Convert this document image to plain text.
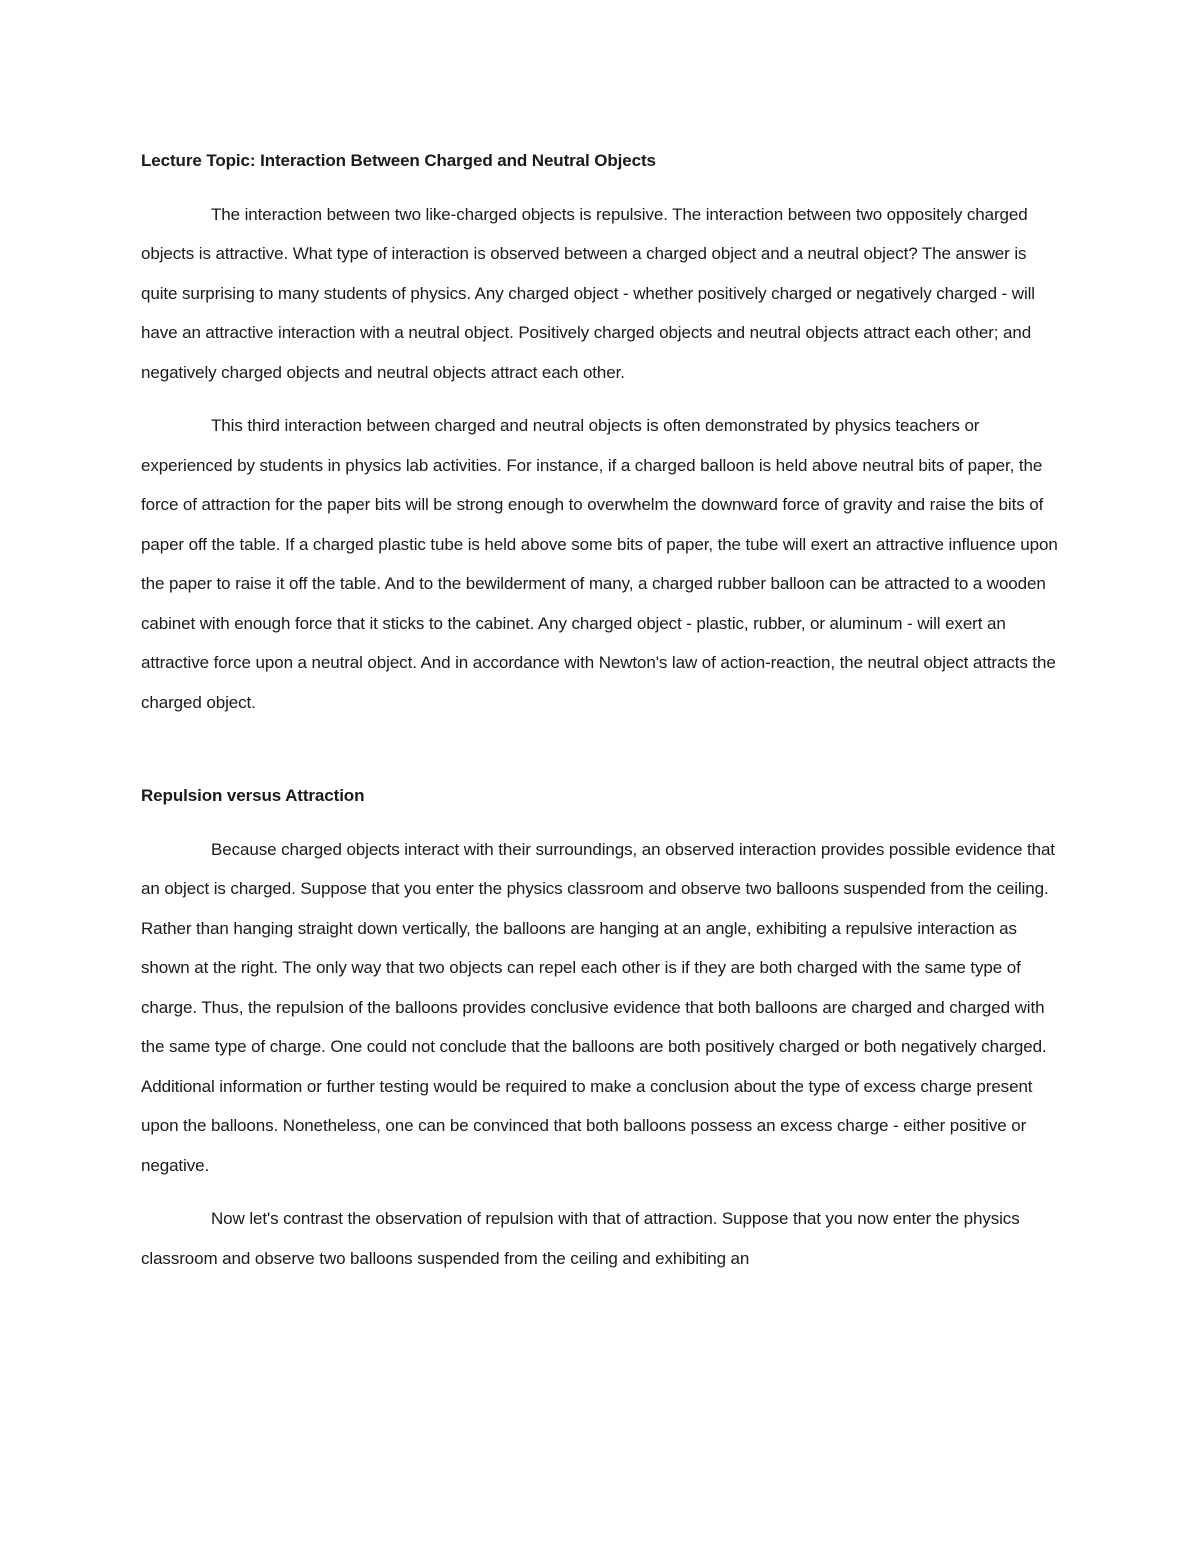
Lecture Topic: Interaction Between Charged and Neutral Objects

The interaction between two like-charged objects is repulsive. The interaction between two oppositely charged objects is attractive. What type of interaction is observed between a charged object and a neutral object? The answer is quite surprising to many students of physics. Any charged object - whether positively charged or negatively charged - will have an attractive interaction with a neutral object. Positively charged objects and neutral objects attract each other; and negatively charged objects and neutral objects attract each other.

This third interaction between charged and neutral objects is often demonstrated by physics teachers or experienced by students in physics lab activities. For instance, if a charged balloon is held above neutral bits of paper, the force of attraction for the paper bits will be strong enough to overwhelm the downward force of gravity and raise the bits of paper off the table. If a charged plastic tube is held above some bits of paper, the tube will exert an attractive influence upon the paper to raise it off the table. And to the bewilderment of many, a charged rubber balloon can be attracted to a wooden cabinet with enough force that it sticks to the cabinet. Any charged object - plastic, rubber, or aluminum - will exert an attractive force upon a neutral object. And in accordance with Newton's law of action-reaction, the neutral object attracts the charged object.

Repulsion versus Attraction

Because charged objects interact with their surroundings, an observed interaction provides possible evidence that an object is charged. Suppose that you enter the physics classroom and observe two balloons suspended from the ceiling. Rather than hanging straight down vertically, the balloons are hanging at an angle, exhibiting a repulsive interaction as shown at the right. The only way that two objects can repel each other is if they are both charged with the same type of charge. Thus, the repulsion of the balloons provides conclusive evidence that both balloons are charged and charged with the same type of charge. One could not conclude that the balloons are both positively charged or both negatively charged. Additional information or further testing would be required to make a conclusion about the type of excess charge present upon the balloons. Nonetheless, one can be convinced that both balloons possess an excess charge - either positive or negative.

Now let's contrast the observation of repulsion with that of attraction. Suppose that you now enter the physics classroom and observe two balloons suspended from the ceiling and exhibiting an
